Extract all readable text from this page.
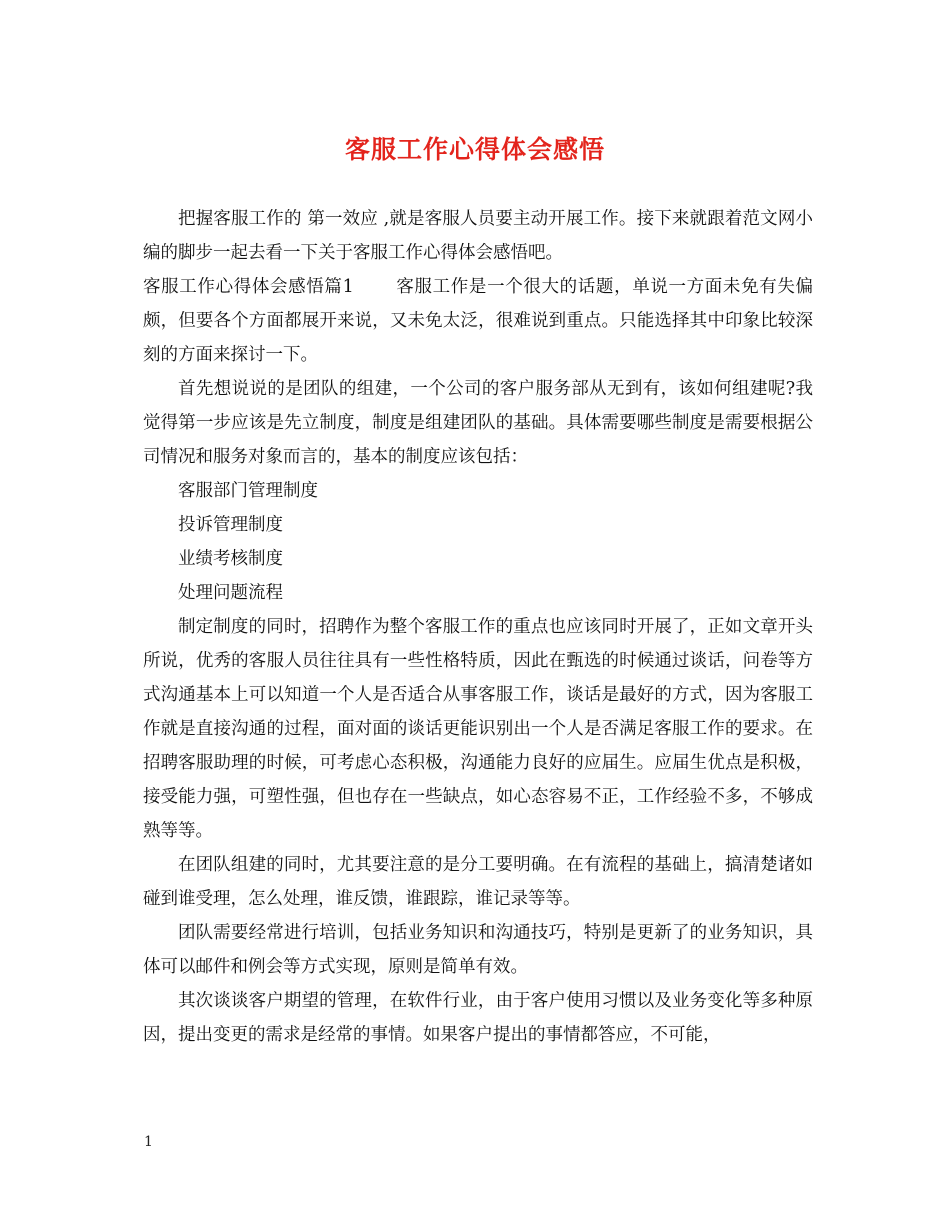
客服工作心得体会感悟

把握客服工作的 第一效应 ,就是客服人员要主动开展工作。接下来就跟着范文网小编的脚步一起去看一下关于客服工作心得体会感悟吧。

客服工作心得体会感悟篇1 客服工作是一个很大的话题，单说一方面未免有失偏颇，但要各个方面都展开来说，又未免太泛，很难说到重点。只能选择其中印象比较深刻的方面来探讨一下。

首先想说说的是团队的组建，一个公司的客户服务部从无到有，该如何组建呢?我觉得第一步应该是先立制度，制度是组建团队的基础。具体需要哪些制度是需要根据公司情况和服务对象而言的，基本的制度应该包括：

客服部门管理制度

投诉管理制度

业绩考核制度

处理问题流程

制定制度的同时，招聘作为整个客服工作的重点也应该同时开展了，正如文章开头所说，优秀的客服人员往往具有一些性格特质，因此在甄选的时候通过谈话，问卷等方式沟通基本上可以知道一个人是否适合从事客服工作，谈话是最好的方式，因为客服工作就是直接沟通的过程，面对面的谈话更能识别出一个人是否满足客服工作的要求。在招聘客服助理的时候，可考虑心态积极，沟通能力良好的应届生。应届生优点是积极，接受能力强，可塑性强，但也存在一些缺点，如心态容易不正，工作经验不多，不够成熟等等。

在团队组建的同时，尤其要注意的是分工要明确。在有流程的基础上，搞清楚诸如碰到谁受理，怎么处理，谁反馈，谁跟踪，谁记录等等。

团队需要经常进行培训，包括业务知识和沟通技巧，特别是更新了的业务知识，具体可以邮件和例会等方式实现，原则是简单有效。

其次谈谈客户期望的管理，在软件行业，由于客户使用习惯以及业务变化等多种原因，提出变更的需求是经常的事情。如果客户提出的事情都答应，不可能，

1
